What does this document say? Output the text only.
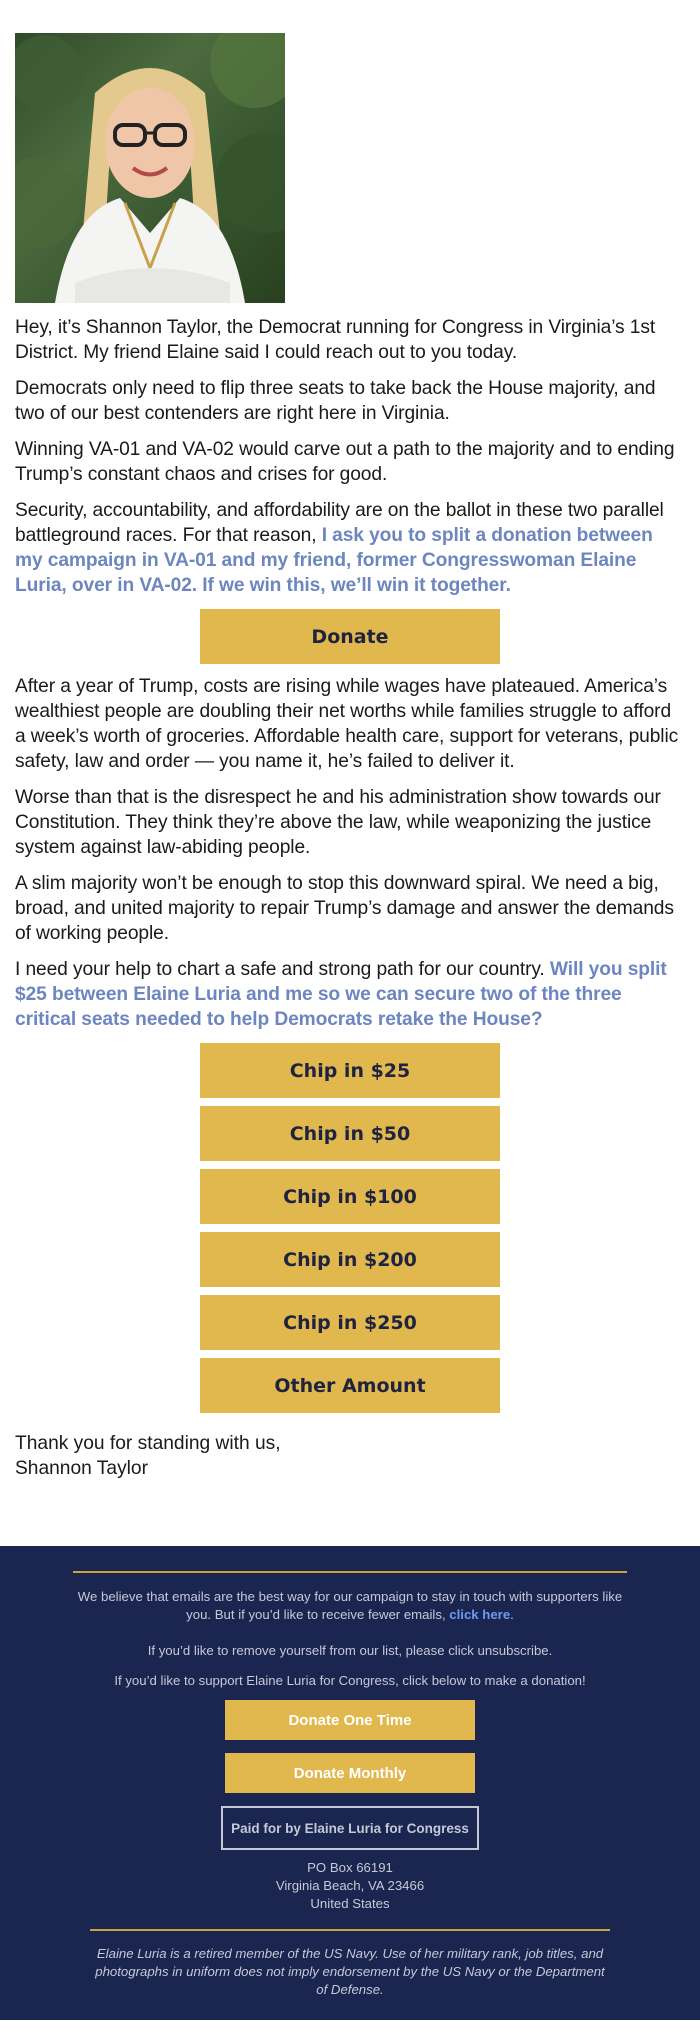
Hey, it’s Shannon Taylor, the Democrat running for Congress in Virginia’s 1st District. My friend Elaine said I could reach out to you today.

Democrats only need to flip three seats to take back the House majority, and two of our best contenders are right here in Virginia.

Winning VA-01 and VA-02 would carve out a path to the majority and to ending Trump’s constant chaos and crises for good.

Security, accountability, and affordability are on the ballot in these two parallel battleground races. For that reason, I ask you to split a donation between my campaign in VA-01 and my friend, former Congresswoman Elaine Luria, over in VA-02. If we win this, we’ll win it together.

Donate

After a year of Trump, costs are rising while wages have plateaued. America’s wealthiest people are doubling their net worths while families struggle to afford a week’s worth of groceries. Affordable health care, support for veterans, public safety, law and order — you name it, he’s failed to deliver it.

Worse than that is the disrespect he and his administration show towards our Constitution. They think they’re above the law, while weaponizing the justice system against law-abiding people.

A slim majority won’t be enough to stop this downward spiral. We need a big, broad, and united majority to repair Trump’s damage and answer the demands of working people.

I need your help to chart a safe and strong path for our country. Will you split $25 between Elaine Luria and me so we can secure two of the three critical seats needed to help Democrats retake the House?

Chip in $25
Chip in $50
Chip in $100
Chip in $200
Chip in $250
Other Amount
Thank you for standing with us,
Shannon Taylor

We believe that emails are the best way for our campaign to stay in touch with supporters like you. But if you’d like to receive fewer emails, click here.

If you’d like to remove yourself from our list, please click unsubscribe.

If you’d like to support Elaine Luria for Congress, click below to make a donation!

Donate One Time
Donate Monthly
Paid for by Elaine Luria for Congress

PO Box 66191

Virginia Beach, VA 23466

United States

Elaine Luria is a retired member of the US Navy. Use of her military rank, job titles, and photographs in uniform does not imply endorsement by the US Navy or the Department of Defense.
